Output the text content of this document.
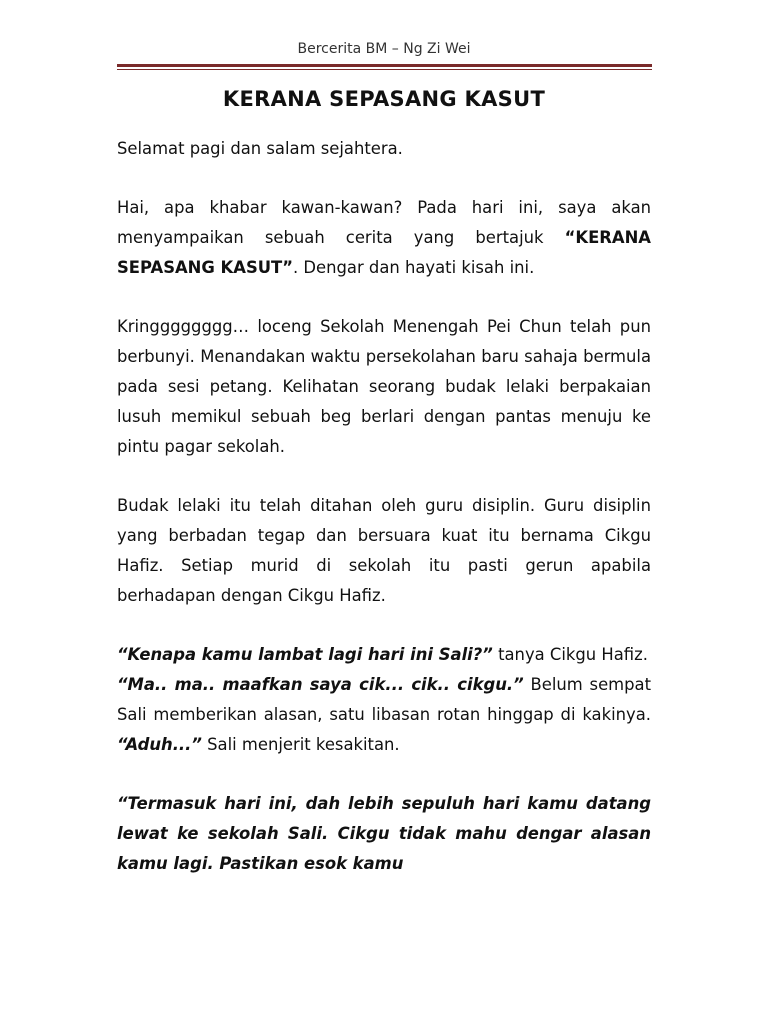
Bercerita BM – Ng Zi Wei
KERANA SEPASANG KASUT

Selamat pagi dan salam sejahtera.

Hai, apa khabar kawan-kawan? Pada hari ini, saya akan menyampaikan sebuah cerita yang bertajuk “KERANA SEPASANG KASUT”. Dengar dan hayati kisah ini.

Kringggggggg… loceng Sekolah Menengah Pei Chun telah pun berbunyi. Menandakan waktu persekolahan baru sahaja bermula pada sesi petang. Kelihatan seorang budak lelaki berpakaian lusuh memikul sebuah beg berlari dengan pantas menuju ke pintu pagar sekolah.

Budak lelaki itu telah ditahan oleh guru disiplin. Guru disiplin yang berbadan tegap dan bersuara kuat itu bernama Cikgu Hafiz. Setiap murid di sekolah itu pasti gerun apabila berhadapan dengan Cikgu Hafiz.

“Kenapa kamu lambat lagi hari ini Sali?” tanya Cikgu Hafiz.

“Ma.. ma.. maafkan saya cik... cik.. cikgu.” Belum sempat Sali memberikan alasan, satu libasan rotan hinggap di kakinya. “Aduh...” Sali menjerit kesakitan.

“Termasuk hari ini, dah lebih sepuluh hari kamu datang lewat ke sekolah Sali. Cikgu tidak mahu dengar alasan kamu lagi. Pastikan esok kamu
